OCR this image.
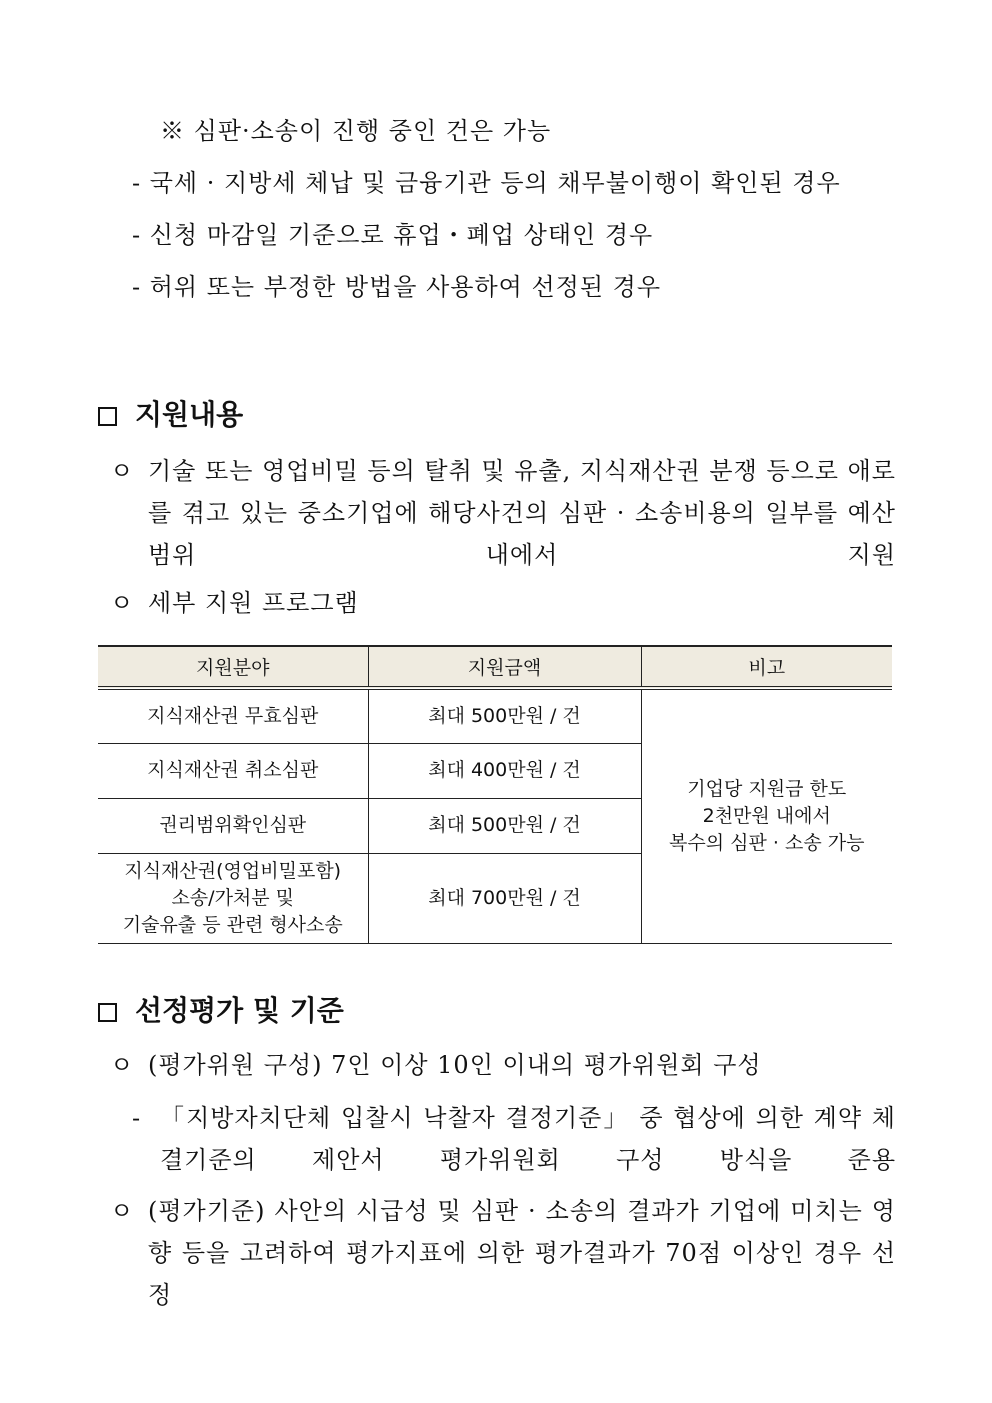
※ 심판·소송이 진행 중인 건은 가능
- 국세 · 지방세 체납 및 금융기관 등의 채무불이행이 확인된 경우
- 신청 마감일 기준으로 휴업・폐업 상태인 경우
- 허위 또는 부정한 방법을 사용하여 선정된 경우
지원내용
ㅇ 기술 또는 영업비밀 등의 탈취 및 유출, 지식재산권 분쟁 등으로 애로를 겪고 있는 중소기업에 해당사건의 심판 · 소송비용의 일부를 예산 범위 내에서 지원
ㅇ 세부 지원 프로그램
지원분야	지원금액	비고
지식재산권 무효심판	최대 500만원 / 건	기업당 지원금 한도
2천만원 내에서
복수의 심판 · 소송 가능

지식재산권 취소심판	최대 400만원 / 건	
권리범위확인심판	최대 500만원 / 건	

지식재산권(영업비밀포함)
소송/가처분 및
기술유출 등 관련 형사소송	최대 700만원 / 건	
선정평가 및 기준
ㅇ (평가위원 구성) 7인 이상 10인 이내의 평가위원회 구성
- 「지방자치단체 입찰시 낙찰자 결정기준」 중 협상에 의한 계약 체결기준의 제안서 평가위원회 구성 방식을 준용
ㅇ (평가기준) 사안의 시급성 및 심판 · 소송의 결과가 기업에 미치는 영향 등을 고려하여 평가지표에 의한 평가결과가 70점 이상인 경우 선정
